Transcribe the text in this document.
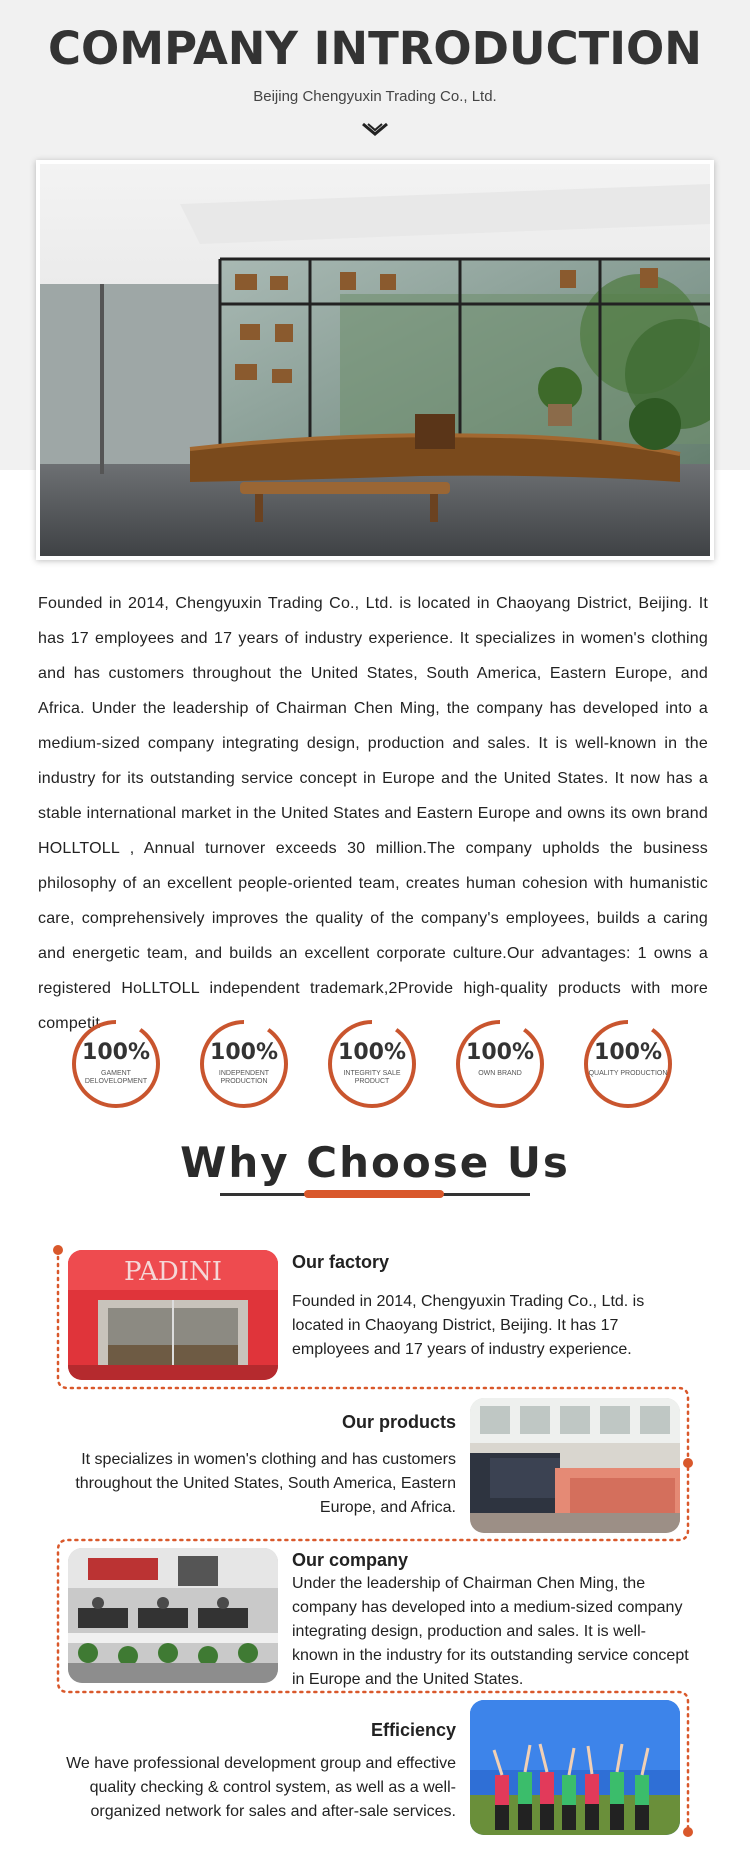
COMPANY INTRODUCTION
Beijing Chengyuxin Trading Co., Ltd.
Founded in 2014, Chengyuxin Trading Co., Ltd. is located in Chaoyang District, Beijing. It has 17 employees and 17 years of industry experience. It specializes in women's clothing and has customers throughout the United States, South America, Eastern Europe, and Africa. Under the leadership of Chairman Chen Ming, the company has developed into a medium-sized company integrating design, production and sales. It is well-known in the industry for its outstanding service concept in Europe and the United States. It now has a stable international market in the United States and Eastern Europe and owns its own brand HOLLTOLL , Annual turnover exceeds 30 million.The company upholds the business philosophy of an excellent people-oriented team, creates human cohesion with humanistic care, comprehensively improves the quality of the company's employees, builds a caring and energetic team, and builds an excellent corporate culture.Our advantages: 1 owns a registered HoLLTOLL independent trademark,2Provide high-quality products with more competit
100%
GAMENT DELOVELOPMENT
100%
INDEPENDENT PRODUCTION
100%
INTEGRITY SALE PRODUCT
100%
OWN BRAND
100%
QUALITY PRODUCTION
Why Choose Us
PADINI	Our factory
Founded in 2014, Chengyuxin Trading Co., Ltd. is located in Chaoyang District, Beijing. It has 17 employees and 17 years of industry experience.
Our products
It specializes in women's clothing and has customers throughout the United States, South America, Eastern Europe, and Africa.
Our company
Under the leadership of Chairman Chen Ming, the company has developed into a medium-sized company integrating design, production and sales. It is well-known in the industry for its outstanding service concept in Europe and the United States.
Efficiency
We have professional development group and effective quality checking & control system, as well as a well-organized network for sales and after-sale services.
